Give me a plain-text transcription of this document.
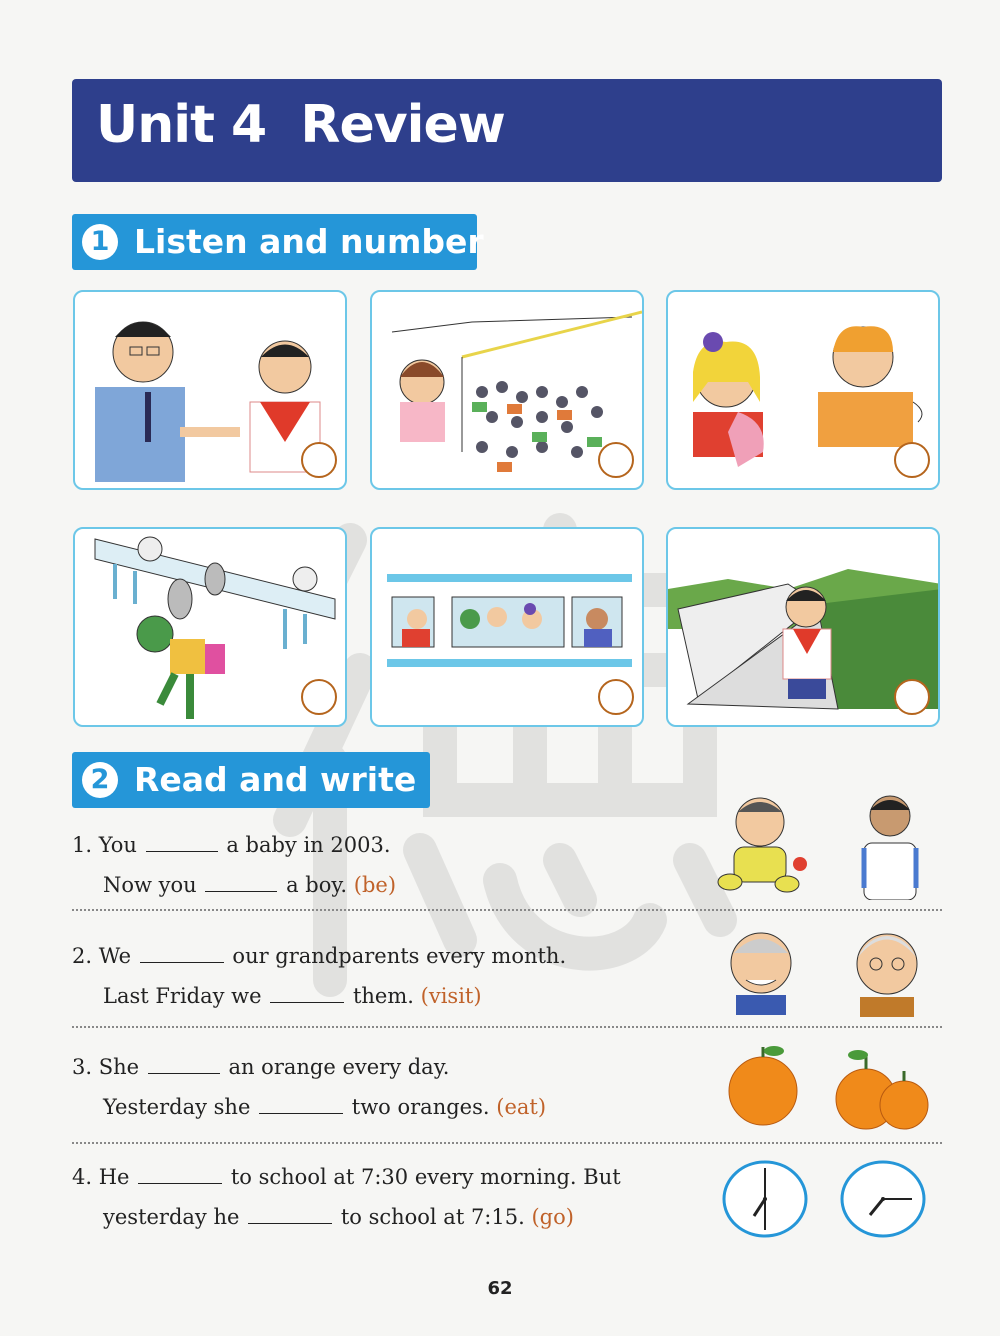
Unit 4  Review
1 Listen and number
2 Read and write
1. You	a baby in 2003.
Now you	a boy. (be)
2. We	our grandparents every month.
Last Friday we	them. (visit)
3. She	an orange every day.
Yesterday she	two oranges. (eat)
4. He	to school at 7:30 every morning. But
yesterday he	to school at 7:15. (go)
62
